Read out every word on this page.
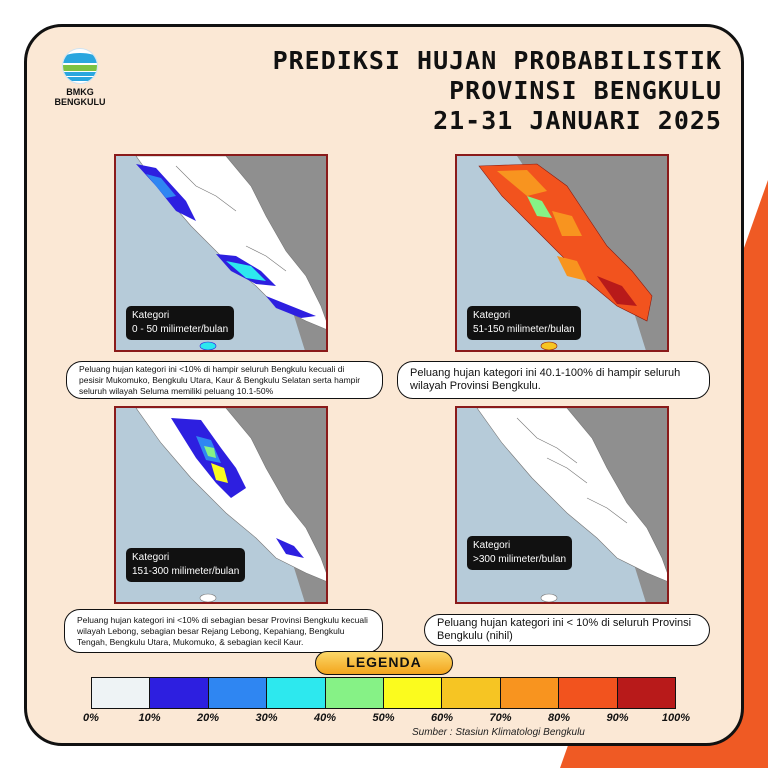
BMKG
BENGKULU
PREDIKSI HUJAN PROBABILISTIK
PROVINSI BENGKULU
21-31 JANUARI 2025
Kategori
0 - 50 milimeter/bulan
Peluang hujan kategori ini <10% di hampir seluruh Bengkulu kecuali di pesisir Mukomuko, Bengkulu Utara, Kaur & Bengkulu Selatan serta hampir seluruh wilayah Seluma memiliki peluang 10.1-50%
Kategori
51-150 milimeter/bulan
Peluang hujan kategori ini 40.1-100% di hampir seluruh wilayah Provinsi Bengkulu.
Kategori
151-300 milimeter/bulan
Peluang hujan kategori ini <10% di sebagian besar Provinsi Bengkulu kecuali wilayah Lebong, sebagian besar Rejang Lebong, Kepahiang, Bengkulu Tengah, Bengkulu Utara, Mukomuko, & sebagian kecil Kaur.
Kategori
>300 milimeter/bulan
Peluang hujan kategori ini < 10% di seluruh Provinsi Bengkulu (nihil)
LEGENDA
0%	10%	20%	30%	40%	50%	60%	70%	80%	90%	100%
Sumber : Stasiun Klimatologi Bengkulu
